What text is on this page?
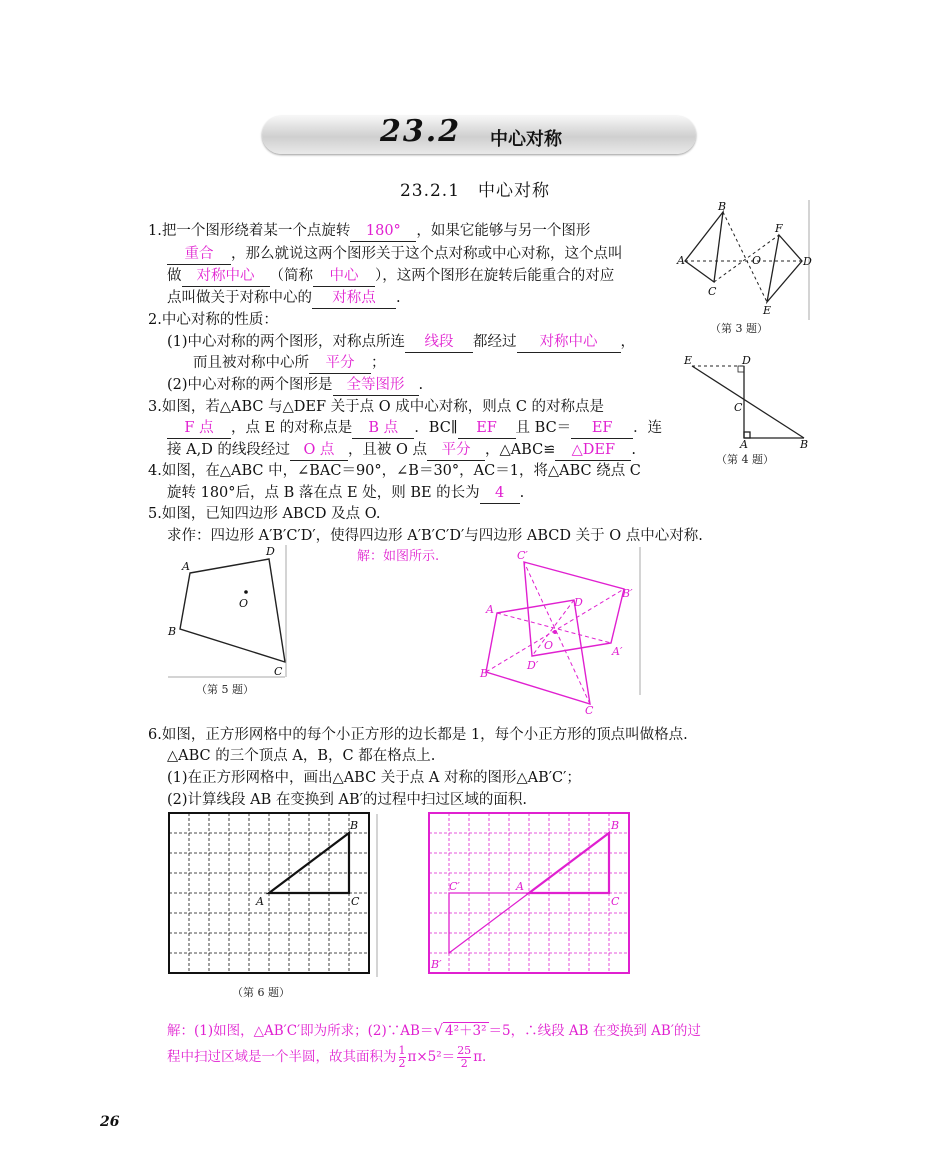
23.2 中心对称
23.2.1　中心对称
1.把一个图形绕着某一个点旋转 180° ，如果它能够与另一个图形
重合 ，那么就说这两个图形关于这个点对称或中心对称，这个点叫
做 对称中心 （简称 中心 ），这两个图形在旋转后能重合的对应
点叫做关于对称中心的 对称点 .
2.中心对称的性质：
(1)中心对称的两个图形，对称点所连 线段 都经过 对称中心 ，
而且被对称中心所 平分 ；
(2)中心对称的两个图形是 全等图形 .
3.如图，若△ABC 与△DEF 关于点 O 成中心对称，则点 C 的对称点是
F 点 ，点 E 的对称点是 B 点 ．BC∥ EF 且 BC＝ EF ．连
接 A,D 的线段经过 O 点 ，且被 O 点 平分 ，△ABC≌ △DEF .
4.如图，在△ABC 中，∠BAC＝90°，∠B＝30°，AC＝1，将△ABC 绕点 C
旋转 180°后，点 B 落在点 E 处，则 BE 的长为 4 .
5.如图，已知四边形 ABCD 及点 O.
求作：四边形 A′B′C′D′，使得四边形 A′B′C′D′与四边形 ABCD 关于 O 点中心对称.
解：如图所示.
B
A
C
F
D
E
O
（第 3 题）
E	D
C
A	B
（第 4 题）
A
D
O
B
C
（第 5 题）
C′
B′
A′
D′
A
D
O
B
C
6.如图，正方形网格中的每个小正方形的边长都是 1，每个小正方形的顶点叫做格点.
△ABC 的三个顶点 A，B，C 都在格点上.
(1)在正方形网格中，画出△ABC 关于点 A 对称的图形△AB′C′；
(2)计算线段 AB 在变换到 AB′的过程中扫过区域的面积.
B
A	C
（第 6 题）
B
A
C
C′
B′
解：(1)如图，△AB′C′即为所求；(2)∵AB＝√ 4²＋3² ＝5，∴线段 AB 在变换到 AB′的过
程中扫过区域是一个半圆，故其面积为 $\frac{1}{2} \pi\times 5^2= \frac{25}{2} \pi$.
26
